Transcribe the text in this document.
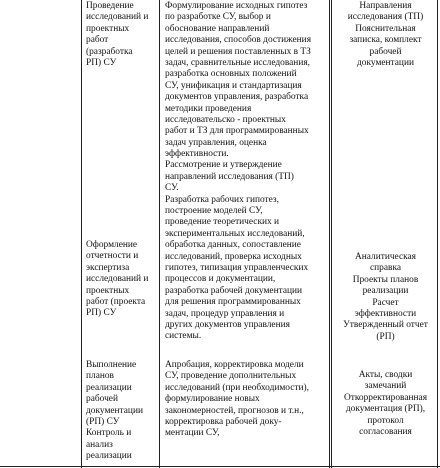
Проведение
исследований и
проектных
работ
(разработка
РП) СУ
Оформление
отчетности и
экспертиза
исследований и
проектных
работ (проекта
РП) СУ
Выполнение
планов
реализации
рабочей
документации
(РП) СУ
Контроль и
анализ
реализации
Формулирование исходных гипотез
по разработке СУ, выбор и
обоснование направлений
исследования, способов достижения
целей и решения поставленных в ТЗ
задач, сравнительные исследования,
разработка основных положений
СУ, унификация и стандартизация
документов управления, разработка
методики проведения
исследовательско - проектных
работ и ТЗ для программированных
задач управления, оценка
эффективности.
Рассмотрение и утверждение
направлений исследования (ТП)
СУ.
Разработка рабочих гипотез,
построение моделей СУ,
проведение теоретических и
экспериментальных исследований,
обработка данных, сопоставление
исследований, проверка исходных
гипотез, типизация управленческих
процессов и документации,
разработка рабочей документации
для решения программированных
задач, процедур управления и
других документов управления
системы.
Апробация, корректировка модели
СУ, проведение дополнительных
исследований (при необходимости),
формулирование новых
закономерностей, прогнозов и т.н.,
корректировка рабочей доку-
ментации СУ,
Направления
исследования (ТП)
Пояснительная
записка, комплект
рабочей
документации
Аналитическая
справка
Проекты планов
реализации
Расчет
эффективности
Утвержденный отчет
(РП)
Акты, сводки
замечаний
Откорректированная
документация (РП),
протокол
согласования
